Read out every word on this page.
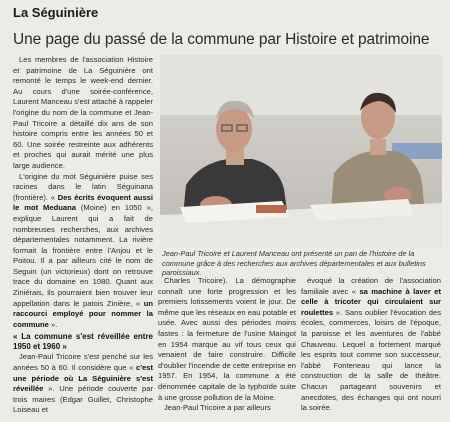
La Séguinière
Une page du passé de la commune par Histoire et patrimoine

Les membres de l'association Histoire et patrimoine de La Séguinière ont remonté le temps le week-end dernier. Au cours d'une soirée-conférence, Laurent Manceau s'est attaché à rappeler l'origine du nom de la commune et Jean-Paul Tricoire a détaillé dix ans de son histoire compris entre les années 50 et 60. Une soirée restreinte aux adhérents et proches qui aurait mérité une plus large audience.

L'origine du mot Séguinière puise ses racines dans le latin Séguinana (frontière). « Des écrits évoquent aussi le mot Meduana (Moine) en 1050 », explique Laurent qui a fait de nombreuses recherches, aux archives départementales notamment. La rivière formait la frontière entre l'Anjou et le Poitou. Il a par ailleurs cité le nom de Seguin (un victorieux) dont on retrouve trace du domaine en 1080. Quant aux Ziniérais, ils pourraient bien trouver leur appellation dans le patois Zinière, « un raccourci employé pour nommer la commune ».

« La commune s'est réveillée entre 1950 et 1960 »

Jean-Paul Tricoire s'est penché sur les années 50 à 60. Il considère que « c'est une période où La Séguinière s'est réveillée ». Une période couverte par trois maires (Edgar Guillet, Christophe Loiseau et

Jean-Paul Tricoire et Laurent Manceau ont présenté un pan de l'histoire de la commune grâce à des recherches aux archives départementales et aux bulletins paroissiaux.

Charles Tricoire). La démographie connaît une forte progression et les premiers lotissements voient le jour. De même que les réseaux en eau potable et usée. Avec aussi des périodes moins fastes : la fermeture de l'usine Maingot en 1954 marque au vif tous ceux qui venaient de faire construire. Difficile d'oublier l'incendie de cette entreprise en 1957. En 1954, la commune a été dénommée capitale de la typhoïde suite à une grosse pollution de la Moine.

Jean-Paul Tricoire a par ailleurs

évoqué la création de l'association familiale avec « sa machine à laver et celle à tricoter qui circulaient sur roulettes ». Sans oublier l'évocation des écoles, commerces, loisirs de l'époque, la paroisse et les aventures de l'abbé Chauveau. Lequel a fortement marqué les esprits tout comme son successeur, l'abbé Fonteneau qui lance la construction de la salle de théâtre. Chacun partageant souvenirs et anecdotes, des échanges qui ont nourri la soirée.
